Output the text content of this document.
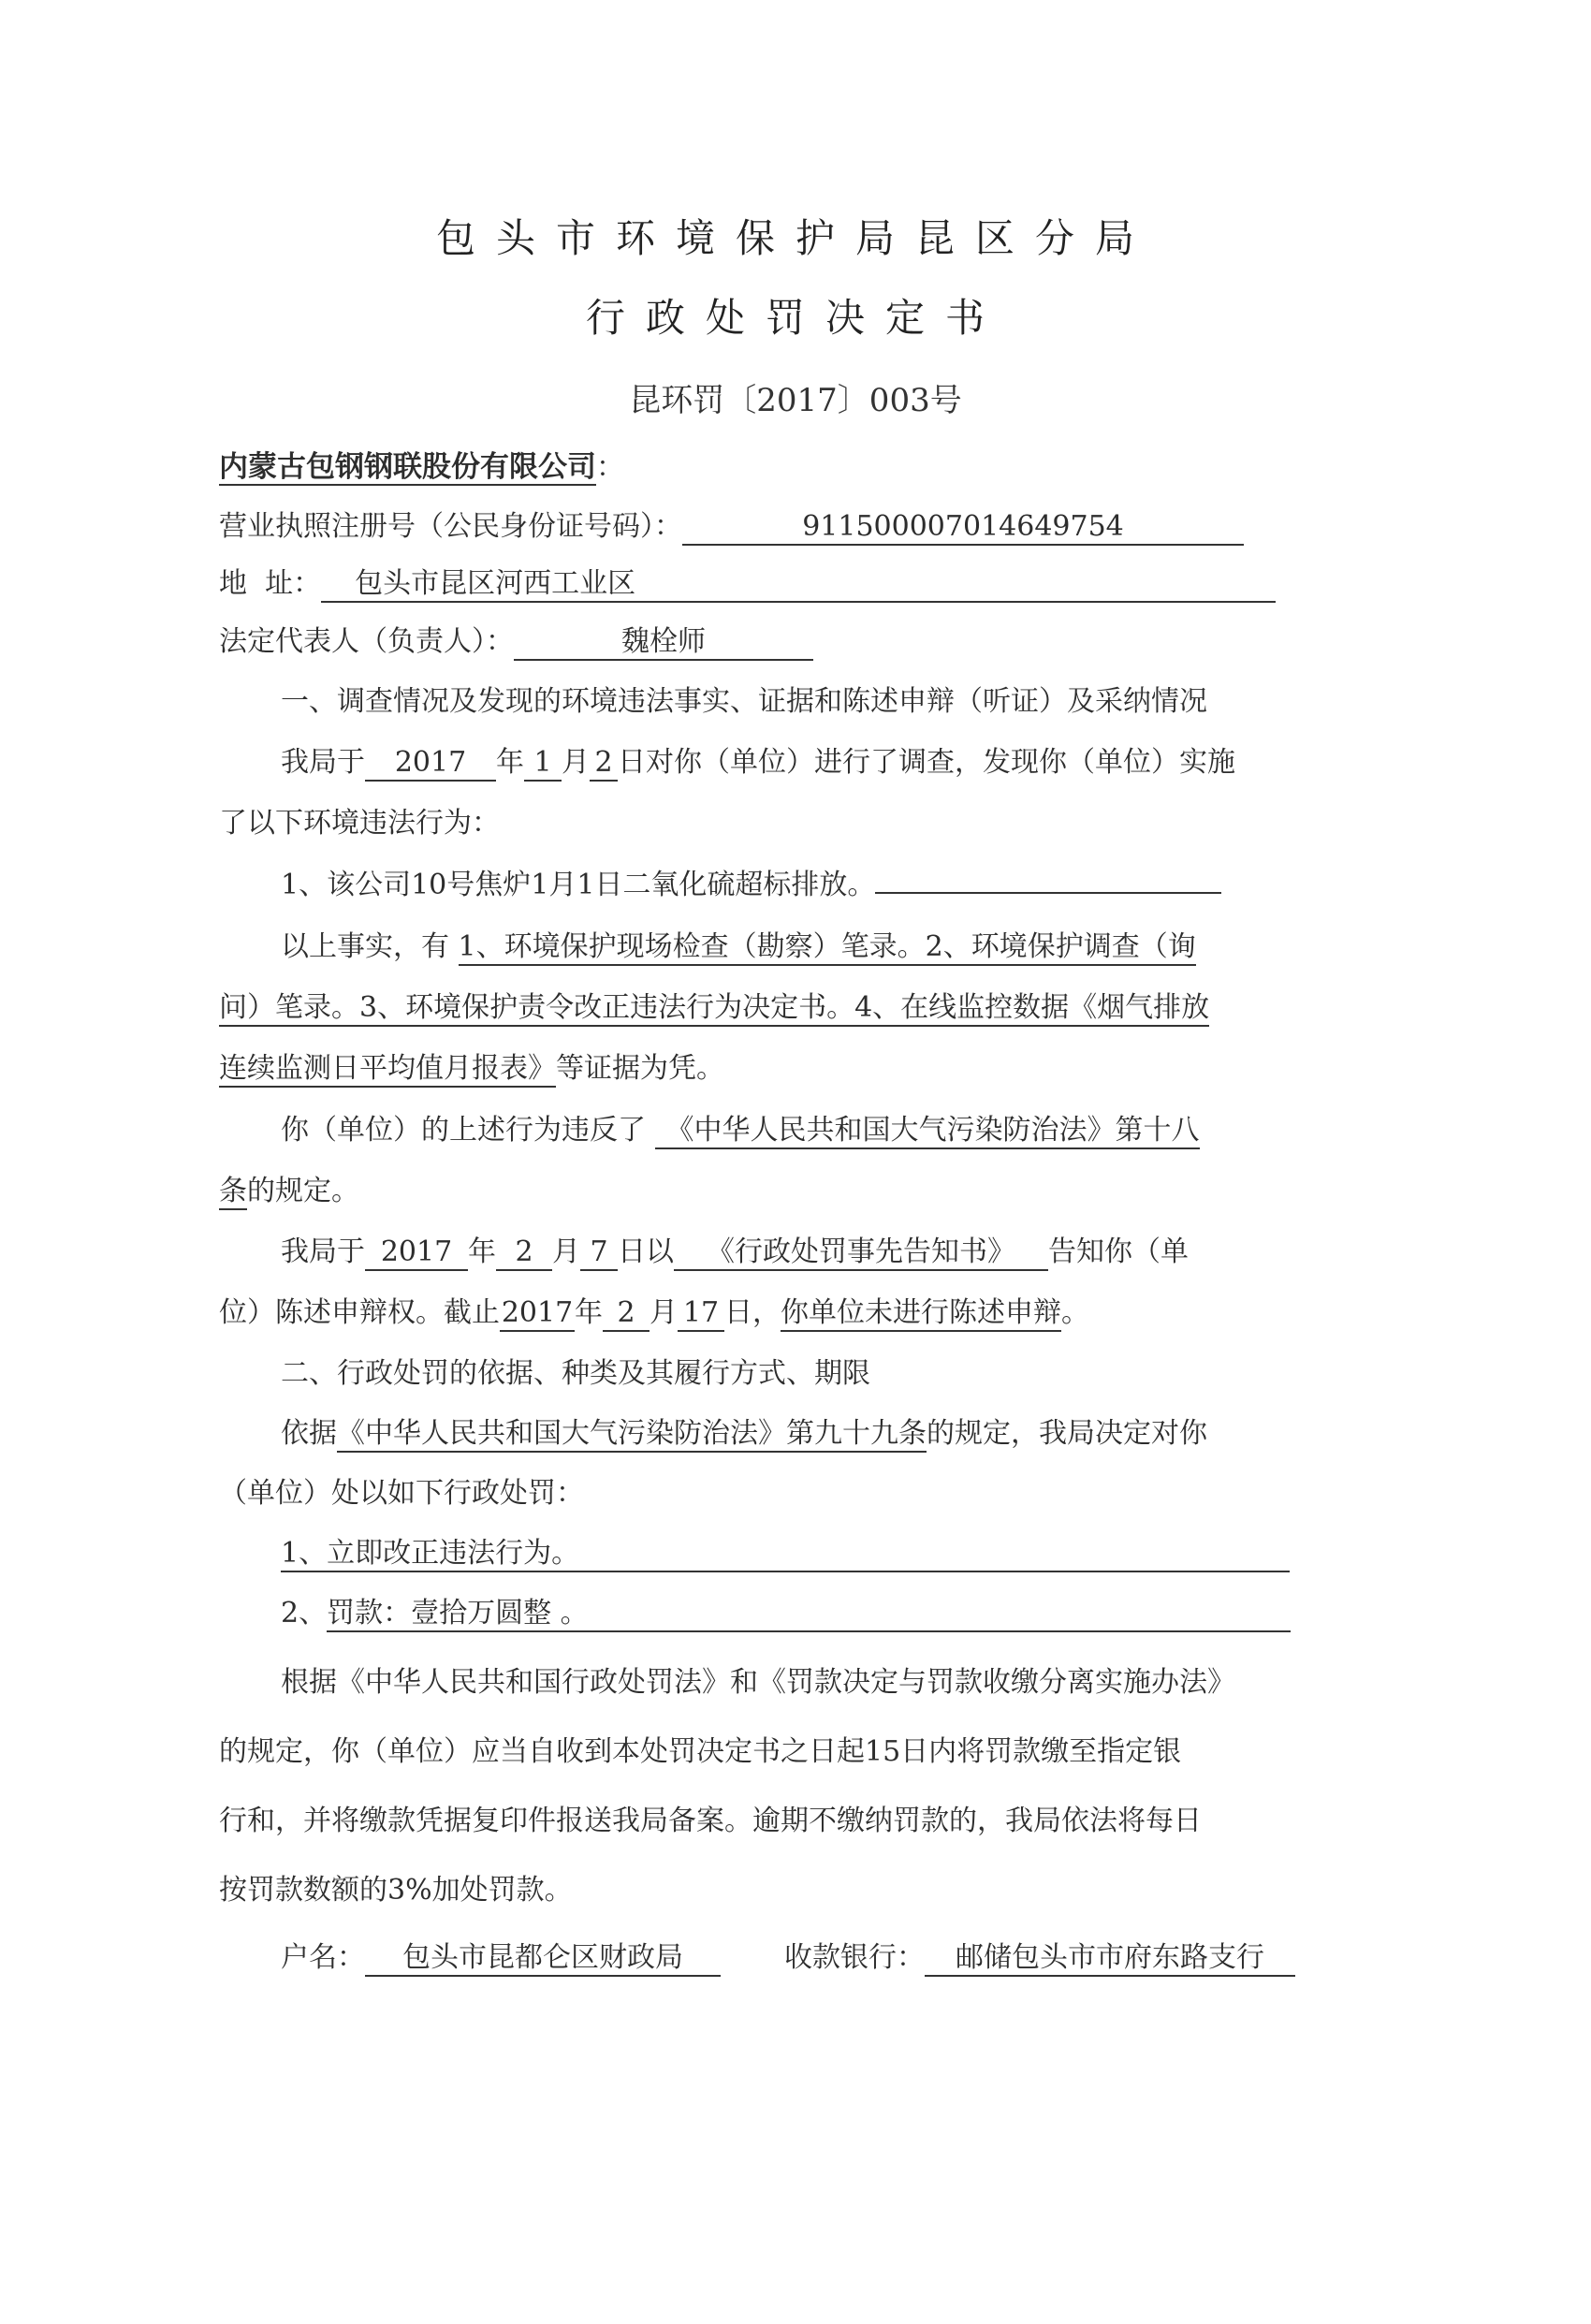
包头市环境保护局昆区分局
行政处罚决定书
昆环罚〔2017〕003号
内蒙古包钢钢联股份有限公司：
营业执照注册号（公民身份证号码）：	911500007014649754
地  址： 包头市昆区河西工业区
法定代表人（负责人）：	魏栓师
一、调查情况及发现的环境违法事实、证据和陈述申辩（听证）及采纳情况
我局于 2017 年 1 月 2 日对你（单位）进行了调查，发现你（单位）实施
了以下环境违法行为：
1、该公司10号焦炉1月1日二氧化硫超标排放。
以上事实，有 1、环境保护现场检查（勘察）笔录。2、环境保护调查（询
问）笔录。3、环境保护责令改正违法行为决定书。4、在线监控数据《烟气排放
连续监测日平均值月报表》等证据为凭。
你（单位）的上述行为违反了 《中华人民共和国大气污染防治法》第十八
条的规定。
我局于 2017 年 2 月 7 日以 《行政处罚事先告知书》 告知你（单
位）陈述申辩权。截止2017年 2 月 17 日，你单位未进行陈述申辩。
二、行政处罚的依据、种类及其履行方式、期限
依据《中华人民共和国大气污染防治法》第九十九条的规定，我局决定对你
（单位）处以如下行政处罚：
1、立即改正违法行为。
2、罚款：壹拾万圆整 。
根据《中华人民共和国行政处罚法》和《罚款决定与罚款收缴分离实施办法》
的规定，你（单位）应当自收到本处罚决定书之日起15日内将罚款缴至指定银
行和，并将缴款凭据复印件报送我局备案。逾期不缴纳罚款的，我局依法将每日
按罚款数额的3%加处罚款。
户名： 包头市昆都仑区财政局	收款银行： 邮储包头市市府东路支行
